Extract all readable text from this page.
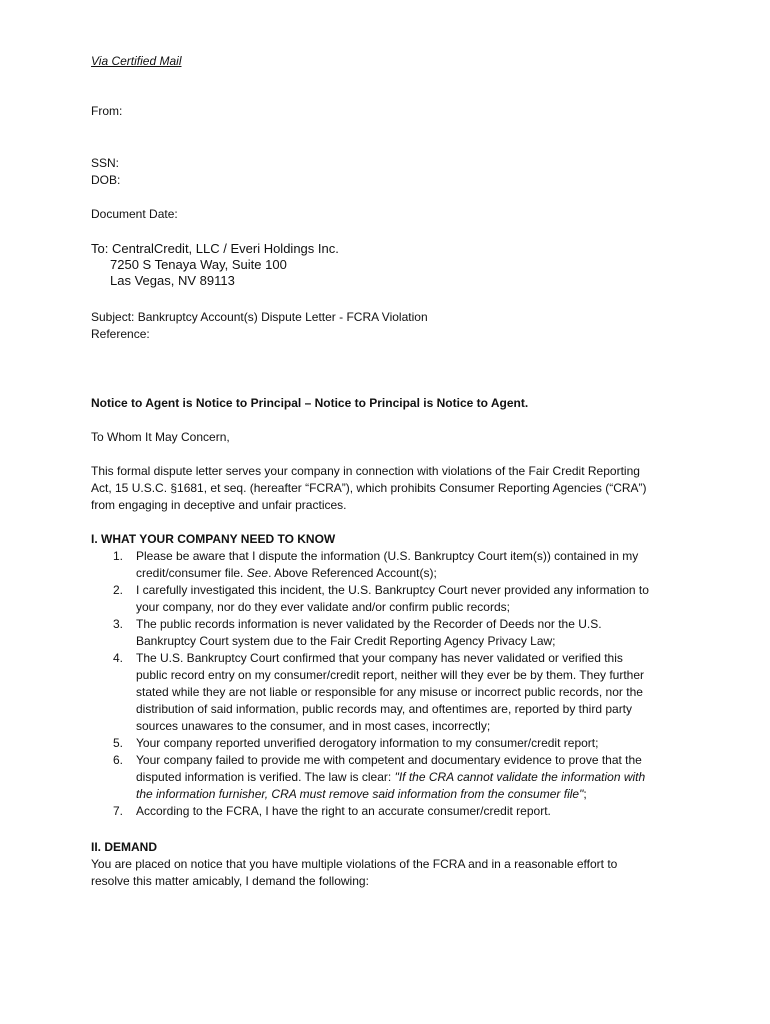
Via Certified Mail
From:
SSN:
DOB:
Document Date:
To: CentralCredit, LLC / Everi Holdings Inc.
7250 S Tenaya Way, Suite 100
Las Vegas, NV 89113
Subject: Bankruptcy Account(s) Dispute Letter - FCRA Violation
Reference:
Notice to Agent is Notice to Principal – Notice to Principal is Notice to Agent.
To Whom It May Concern,
This formal dispute letter serves your company in connection with violations of the Fair Credit Reporting
Act, 15 U.S.C. §1681, et seq. (hereafter “FCRA”), which prohibits Consumer Reporting Agencies (“CRA”)
from engaging in deceptive and unfair practices.
I. WHAT YOUR COMPANY NEED TO KNOW
1. Please be aware that I dispute the information (U.S. Bankruptcy Court item(s)) contained in my
credit/consumer file. See. Above Referenced Account(s);
2. I carefully investigated this incident, the U.S. Bankruptcy Court never provided any information to
your company, nor do they ever validate and/or confirm public records;
3. The public records information is never validated by the Recorder of Deeds nor the U.S.
Bankruptcy Court system due to the Fair Credit Reporting Agency Privacy Law;
4. The U.S. Bankruptcy Court confirmed that your company has never validated or verified this
public record entry on my consumer/credit report, neither will they ever be by them. They further
stated while they are not liable or responsible for any misuse or incorrect public records, nor the
distribution of said information, public records may, and oftentimes are, reported by third party
sources unawares to the consumer, and in most cases, incorrectly;
5. Your company reported unverified derogatory information to my consumer/credit report;
6. Your company failed to provide me with competent and documentary evidence to prove that the
disputed information is verified. The law is clear: "If the CRA cannot validate the information with
the information furnisher, CRA must remove said information from the consumer file";
7. According to the FCRA, I have the right to an accurate consumer/credit report.
II. DEMAND
You are placed on notice that you have multiple violations of the FCRA and in a reasonable effort to
resolve this matter amicably, I demand the following:
